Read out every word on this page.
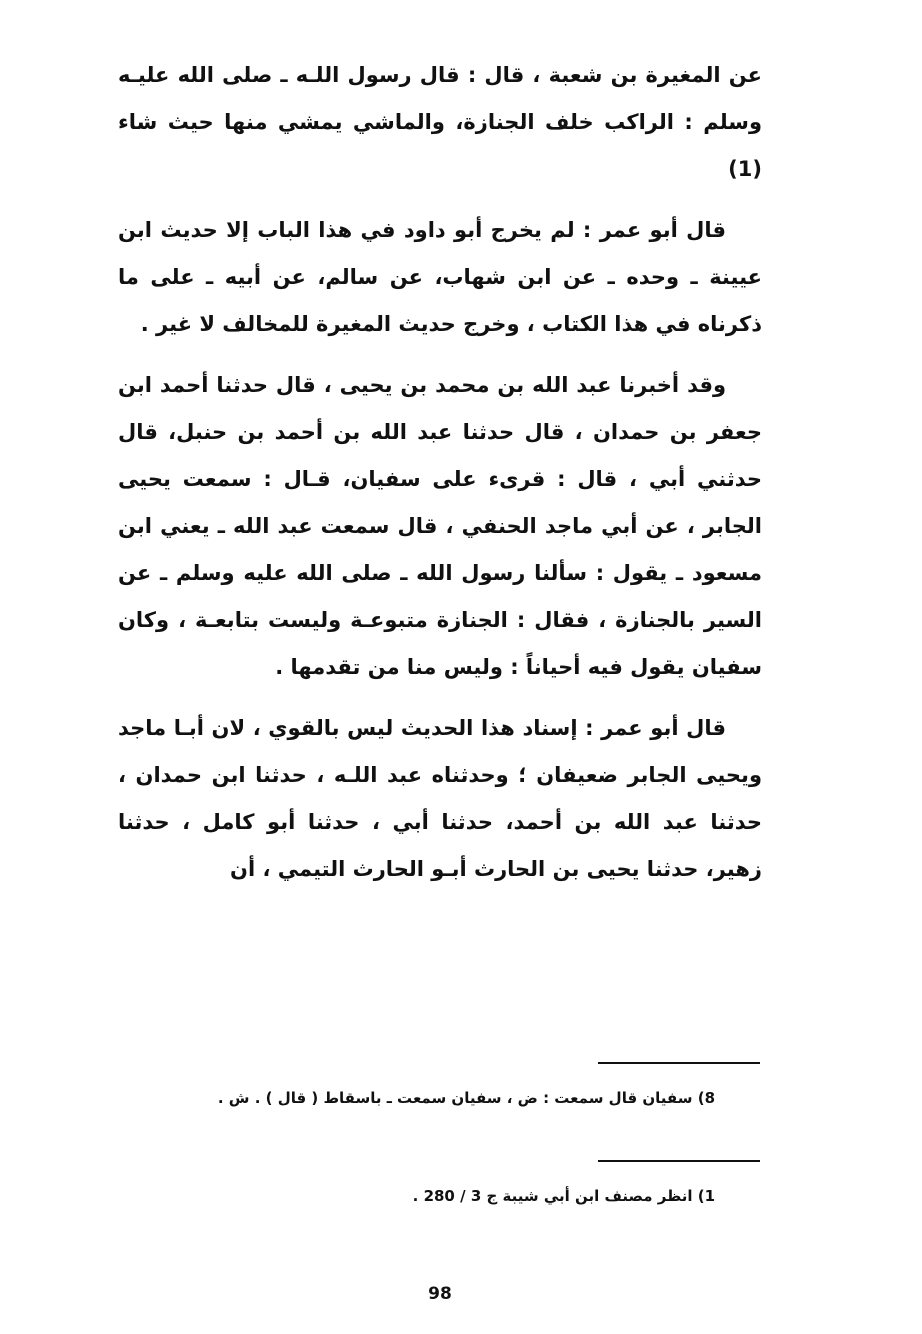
عن المغيرة بن شعبة ، قال : قال رسول اللـه ـ صلى الله عليـه وسلم : الراكب خلف الجنازة، والماشي يمشي منها حيث شاء (1)

قال أبو عمر : لم يخرج أبو داود في هذا الباب إلا حديث ابن عيينة ـ وحده ـ عن ابن شهاب، عن سالم، عن أبيه ـ على ما ذكرناه في هذا الكتاب ، وخرج حديث المغيرة للمخالف لا غير .

وقد أخبرنا عبد الله بن محمد بن يحيى ، قال حدثنا أحمد ابن جعفر بن حمدان ، قال حدثنا عبد الله بن أحمد بن حنبل، قال حدثني أبي ، قال : قرىء على سفيان، قـال : سمعت يحيى الجابر ، عن أبي ماجد الحنفي ، قال سمعت عبد الله ـ يعني ابن مسعود ـ يقول : سألنا رسول الله ـ صلى الله عليه وسلم ـ عن السير بالجنازة ، فقال : الجنازة متبوعـة وليست بتابعـة ، وكان سفيان يقول فيه أحياناً : وليس منا من تقدمها .

قال أبو عمر : إسناد هذا الحديث ليس بالقوي ، لان أبـا ماجد ويحيى الجابر ضعيفان ؛ وحدثناه عبد اللـه ، حدثنا ابن حمدان ، حدثنا عبد الله بن أحمد، حدثنا أبي ، حدثنا أبو كامل ، حدثنا زهير، حدثنا يحيى بن الحارث أبـو الحارث التيمي ، أن

8) سفيان قال سمعت : ض ، سفيان سمعت ـ باسقاط ( قال ) . ش .
1) انظر مصنف ابن أبي شيبة ج 3 / 280 .
98
